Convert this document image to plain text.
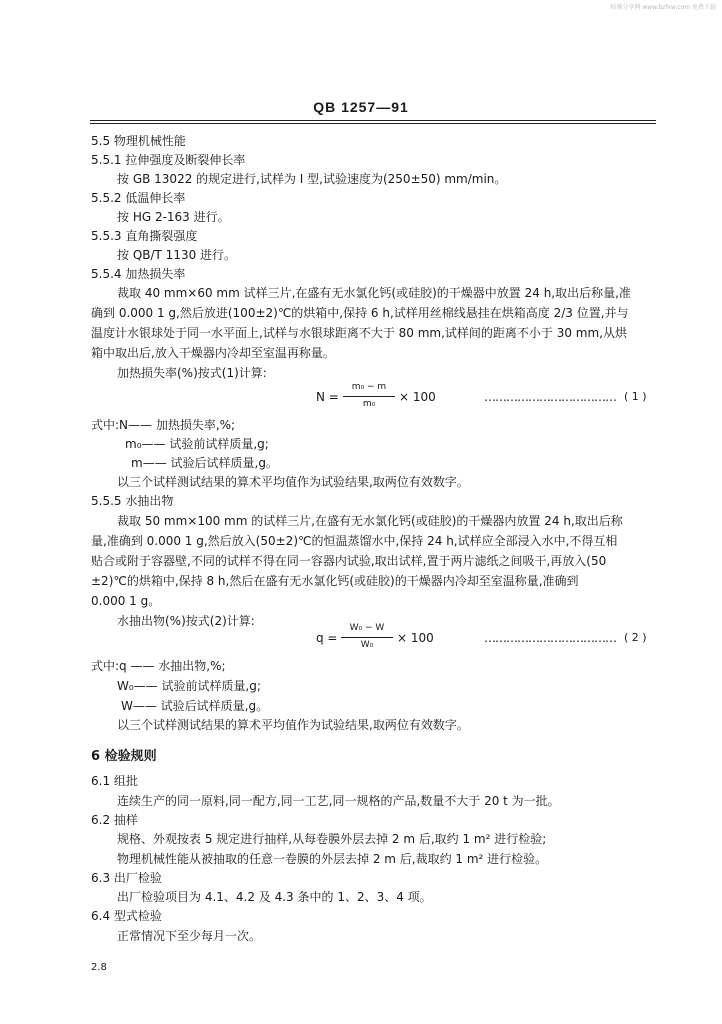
标准分享网 www.bzfxw.com 免费下载
QB 1257—91
5.5 物理机械性能
5.5.1 拉伸强度及断裂伸长率
按 GB 13022 的规定进行,试样为 I 型,试验速度为(250±50) mm/min。
5.5.2 低温伸长率
按 HG 2-163 进行。
5.5.3 直角撕裂强度
按 QB/T 1130 进行。
5.5.4 加热损失率
裁取 40 mm×60 mm 试样三片,在盛有无水氯化钙(或硅胶)的干燥器中放置 24 h,取出后称量,准
确到 0.000 1 g,然后放进(100±2)℃的烘箱中,保持 6 h,试样用丝棉线悬挂在烘箱高度 2/3 位置,并与
温度计水银球处于同一水平面上,试样与水银球距离不大于 80 mm,试样间的距离不小于 30 mm,从烘
箱中取出后,放入干燥器内冷却至室温再称量。
加热损失率(%)按式(1)计算:
N =
m₀ − m
m₀	× 100	……………………………… ( 1 )
式中:N—— 加热损失率,%;
m₀—— 试验前试样质量,g;
m—— 试验后试样质量,g。
以三个试样测试结果的算术平均值作为试验结果,取两位有效数字。
5.5.5 水抽出物
裁取 50 mm×100 mm 的试样三片,在盛有无水氯化钙(或硅胶)的干燥器内放置 24 h,取出后称
量,准确到 0.000 1 g,然后放入(50±2)℃的恒温蒸馏水中,保持 24 h,试样应全部浸入水中,不得互相
贴合或附于容器壁,不同的试样不得在同一容器内试验,取出试样,置于两片滤纸之间吸干,再放入(50
±2)℃的烘箱中,保持 8 h,然后在盛有无水氯化钙(或硅胶)的干燥器内冷却至室温称量,准确到
0.000 1 g。
水抽出物(%)按式(2)计算:
q =
W₀ − W
W₀	× 100	……………………………… ( 2 )
式中:q —— 水抽出物,%;
W₀—— 试验前试样质量,g;
W—— 试验后试样质量,g。
以三个试样测试结果的算术平均值作为试验结果,取两位有效数字。
6 检验规则
6.1 组批
连续生产的同一原料,同一配方,同一工艺,同一规格的产品,数量不大于 20 t 为一批。
6.2 抽样
规格、外观按表 5 规定进行抽样,从每卷膜外层去掉 2 m 后,取约 1 m² 进行检验;
物理机械性能从被抽取的任意一卷膜的外层去掉 2 m 后,裁取约 1 m² 进行检验。
6.3 出厂检验
出厂检验项目为 4.1、4.2 及 4.3 条中的 1、2、3、4 项。
6.4 型式检验
正常情况下至少每月一次。
2.8
